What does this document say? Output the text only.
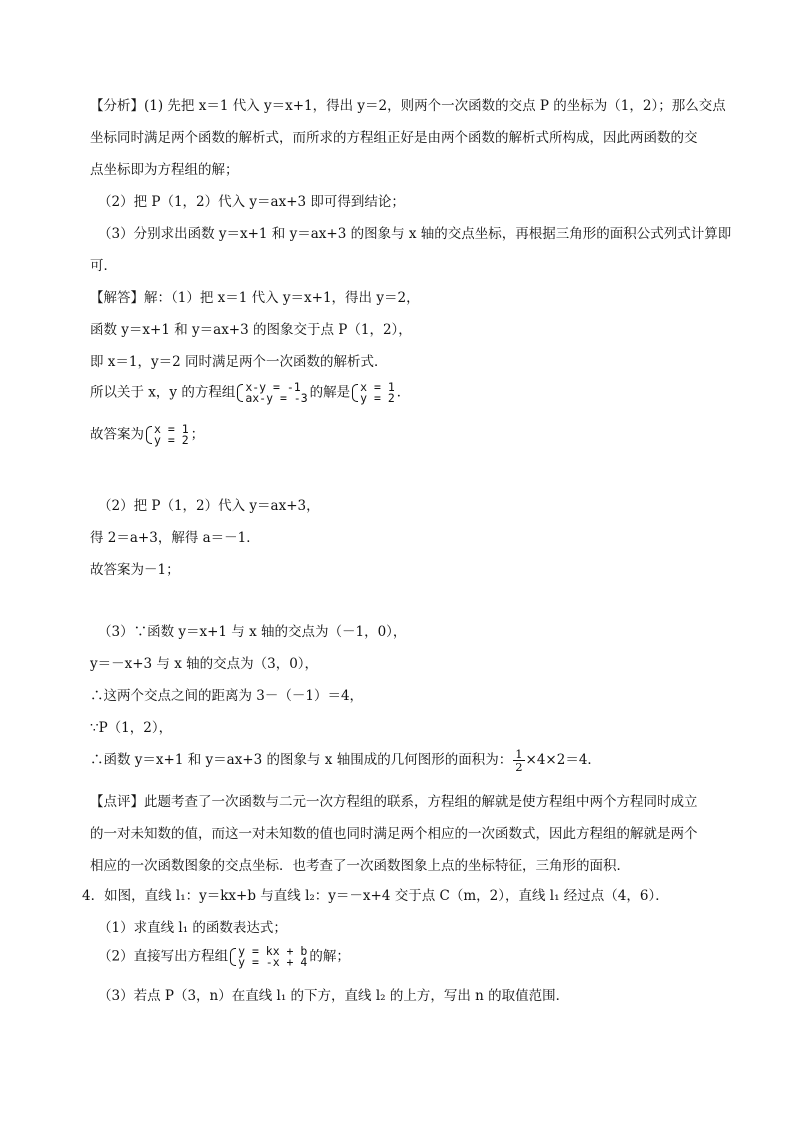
【分析】(1) 先把 x＝1 代入 y＝x+1，得出 y＝2，则两个一次函数的交点 P 的坐标为（1，2）；那么交点
坐标同时满足两个函数的解析式，而所求的方程组正好是由两个函数的解析式所构成，因此两函数的交
点坐标即为方程组的解；
（2）把 P（1，2）代入 y＝ax+3 即可得到结论；
（3）分别求出函数 y＝x+1 和 y＝ax+3 的图象与 x 轴的交点坐标，再根据三角形的面积公式列式计算即
可．
【解答】解：（1）把 x＝1 代入 y＝x+1，得出 y＝2，
函数 y＝x+1 和 y＝ax+3 的图象交于点 P（1，2），
即 x＝1，y＝2 同时满足两个一次函数的解析式．
所以关于 x，y 的方程组 x-y = -1
ax-y = -3 的解是 x = 1
y = 2 ．
故答案为 x = 1
y = 2 ；
（2）把 P（1，2）代入 y＝ax+3，
得 2＝a+3，解得 a＝－1．
故答案为－1；
（3）∵函数 y＝x+1 与 x 轴的交点为（－1，0），
y＝－x+3 与 x 轴的交点为（3，0），
∴这两个交点之间的距离为 3－（－1）＝4，
∵P（1，2），
∴函数 y＝x+1 和 y＝ax+3 的图象与 x 轴围成的几何图形的面积为： $\frac{1}{2} \times 4\times 2=4$．
【点评】此题考查了一次函数与二元一次方程组的联系，方程组的解就是使方程组中两个方程同时成立
的一对未知数的值，而这一对未知数的值也同时满足两个相应的一次函数式，因此方程组的解就是两个
相应的一次函数图象的交点坐标．也考查了一次函数图象上点的坐标特征，三角形的面积．
4．如图，直线 l₁：y＝kx+b 与直线 l₂：y＝－x+4 交于点 C（m，2），直线 l₁ 经过点（4，6）．
（1）求直线 l₁ 的函数表达式；
（2）直接写出方程组 y = kx + b
y = -x + 4 的解；
（3）若点 P（3，n）在直线 l₁ 的下方，直线 l₂ 的上方，写出 n 的取值范围．
